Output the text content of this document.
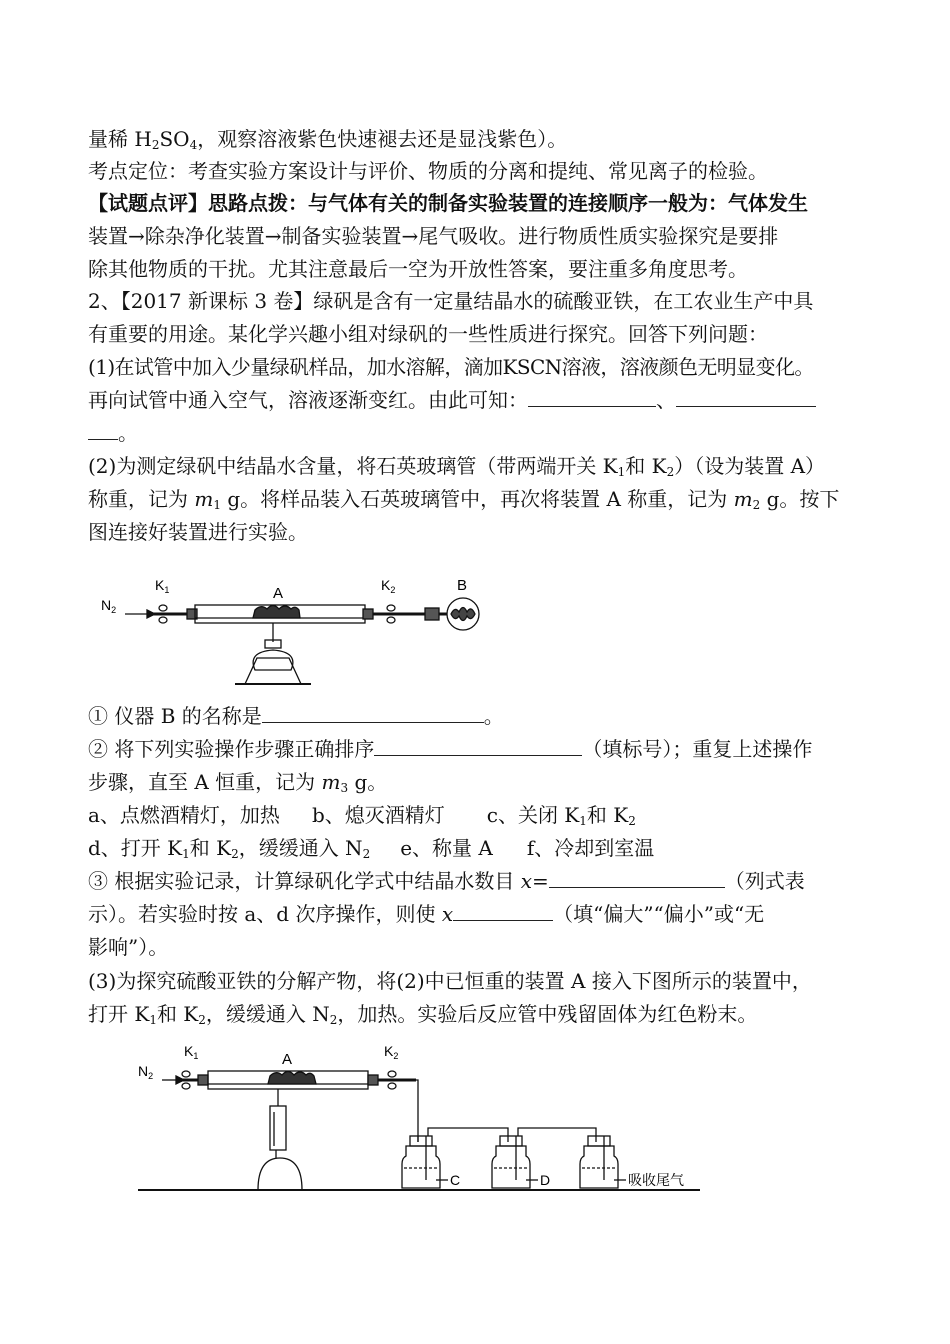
量稀 $H_2SO_4$，观察溶液紫色快速褪去还是显浅紫色）。
考点定位：考查实验方案设计与评价、物质的分离和提纯、常见离子的检验。
【试题点评】思路点拨：与气体有关的制备实验装置的连接顺序一般为：气体发生
装置→除杂净化装置→制备实验装置→尾气吸收。进行物质性质实验探究是要排
除其他物质的干扰。尤其注意最后一空为开放性答案，要注重多角度思考。
2、【2017 新课标 3 卷】绿矾是含有一定量结晶水的硫酸亚铁，在工农业生产中具
有重要的用途。某化学兴趣小组对绿矾的一些性质进行探究。回答下列问题：
(1)在试管中加入少量绿矾样品，加水溶解，滴加KSCN溶液，溶液颜色无明显变化。
再向试管中通入空气，溶液逐渐变红。由此可知：	、
。
(2)为测定绿矾中结晶水含量，将石英玻璃管（带两端开关 $K_1$和 $K_2$）（设为装置 A）
称重，记为 $m_1$ g。将样品装入石英玻璃管中，再次将装置 A 称重，记为 $m_2$ g。按下
图连接好装置进行实验。
$N_2$
$K_1$	A	$K_2$	B
① 仪器 B 的名称是	。
② 将下列实验操作步骤正确排序	（填标号）；重复上述操作
步骤，直至 A 恒重，记为 $m_3$ g。
a、点燃酒精灯，加热 b、熄灭酒精灯 c、关闭 $K_1$和 $K_2$
d、打开 $K_1$和 $K_2$，缓缓通入 $N_2$ e、称量 A f、冷却到室温
③ 根据实验记录，计算绿矾化学式中结晶水数目 x=	（列式表
示）。若实验时按 a、d 次序操作，则使 x	（填“偏大”“偏小”或“无
影响”）。
(3)为探究硫酸亚铁的分解产物，将(2)中已恒重的装置 A 接入下图所示的装置中，
打开 $K_1$和 $K_2$，缓缓通入 $N_2$，加热。实验后反应管中残留固体为红色粉末。
$N_2$
$K_1$	A	$K_2$
C	D	吸收尾气
